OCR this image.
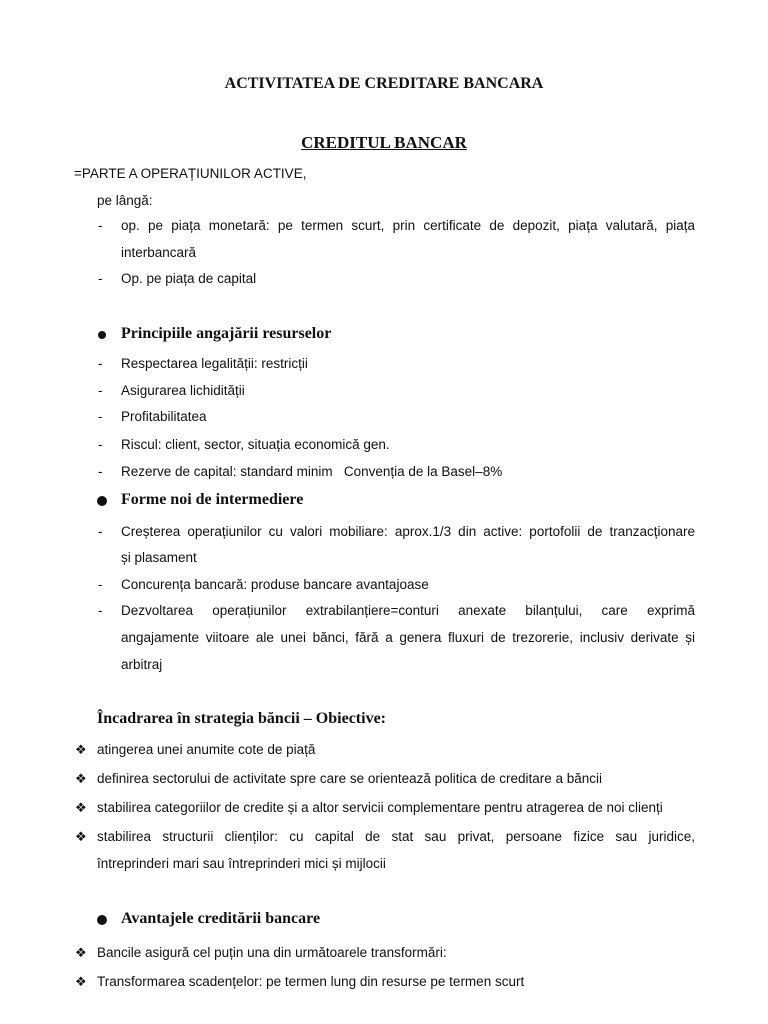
ACTIVITATEA DE CREDITARE BANCARA
CREDITUL BANCAR
=PARTE A OPERAȚIUNILOR ACTIVE,
pe lângă:
- op. pe piața monetară: pe termen scurt, prin certificate de depozit, piața valutară, piața
interbancară
- Op. pe piața de capital
Principiile angajării resurselor
- Respectarea legalității: restricții
- Asigurarea lichidității
- Profitabilitatea
- Riscul: client, sector, situația economică gen.
- Rezerve de capital: standard minim   Convenția de la Basel–8%
Forme noi de intermediere
- Creșterea operațiunilor cu valori mobiliare: aprox.1/3 din active: portofolii de tranzacționare
și plasament
- Concurența bancară: produse bancare avantajoase
- Dezvoltarea operațiunilor extrabilanțiere=conturi anexate bilanțului, care exprimă
angajamente viitoare ale unei bănci, fără a genera fluxuri de trezorerie, inclusiv derivate și
arbitraj
Încadrarea în strategia băncii – Obiective:
❖ atingerea unei anumite cote de piață
❖ definirea sectorului de activitate spre care se orientează politica de creditare a băncii
❖ stabilirea categoriilor de credite și a altor servicii complementare pentru atragerea de noi clienți
❖ stabilirea structurii clienților: cu capital de stat sau privat, persoane fizice sau juridice,
întreprinderi mari sau întreprinderi mici și mijlocii
Avantajele creditării bancare
❖ Bancile asigură cel puțin una din următoarele transformări:
❖ Transformarea scadențelor: pe termen lung din resurse pe termen scurt
